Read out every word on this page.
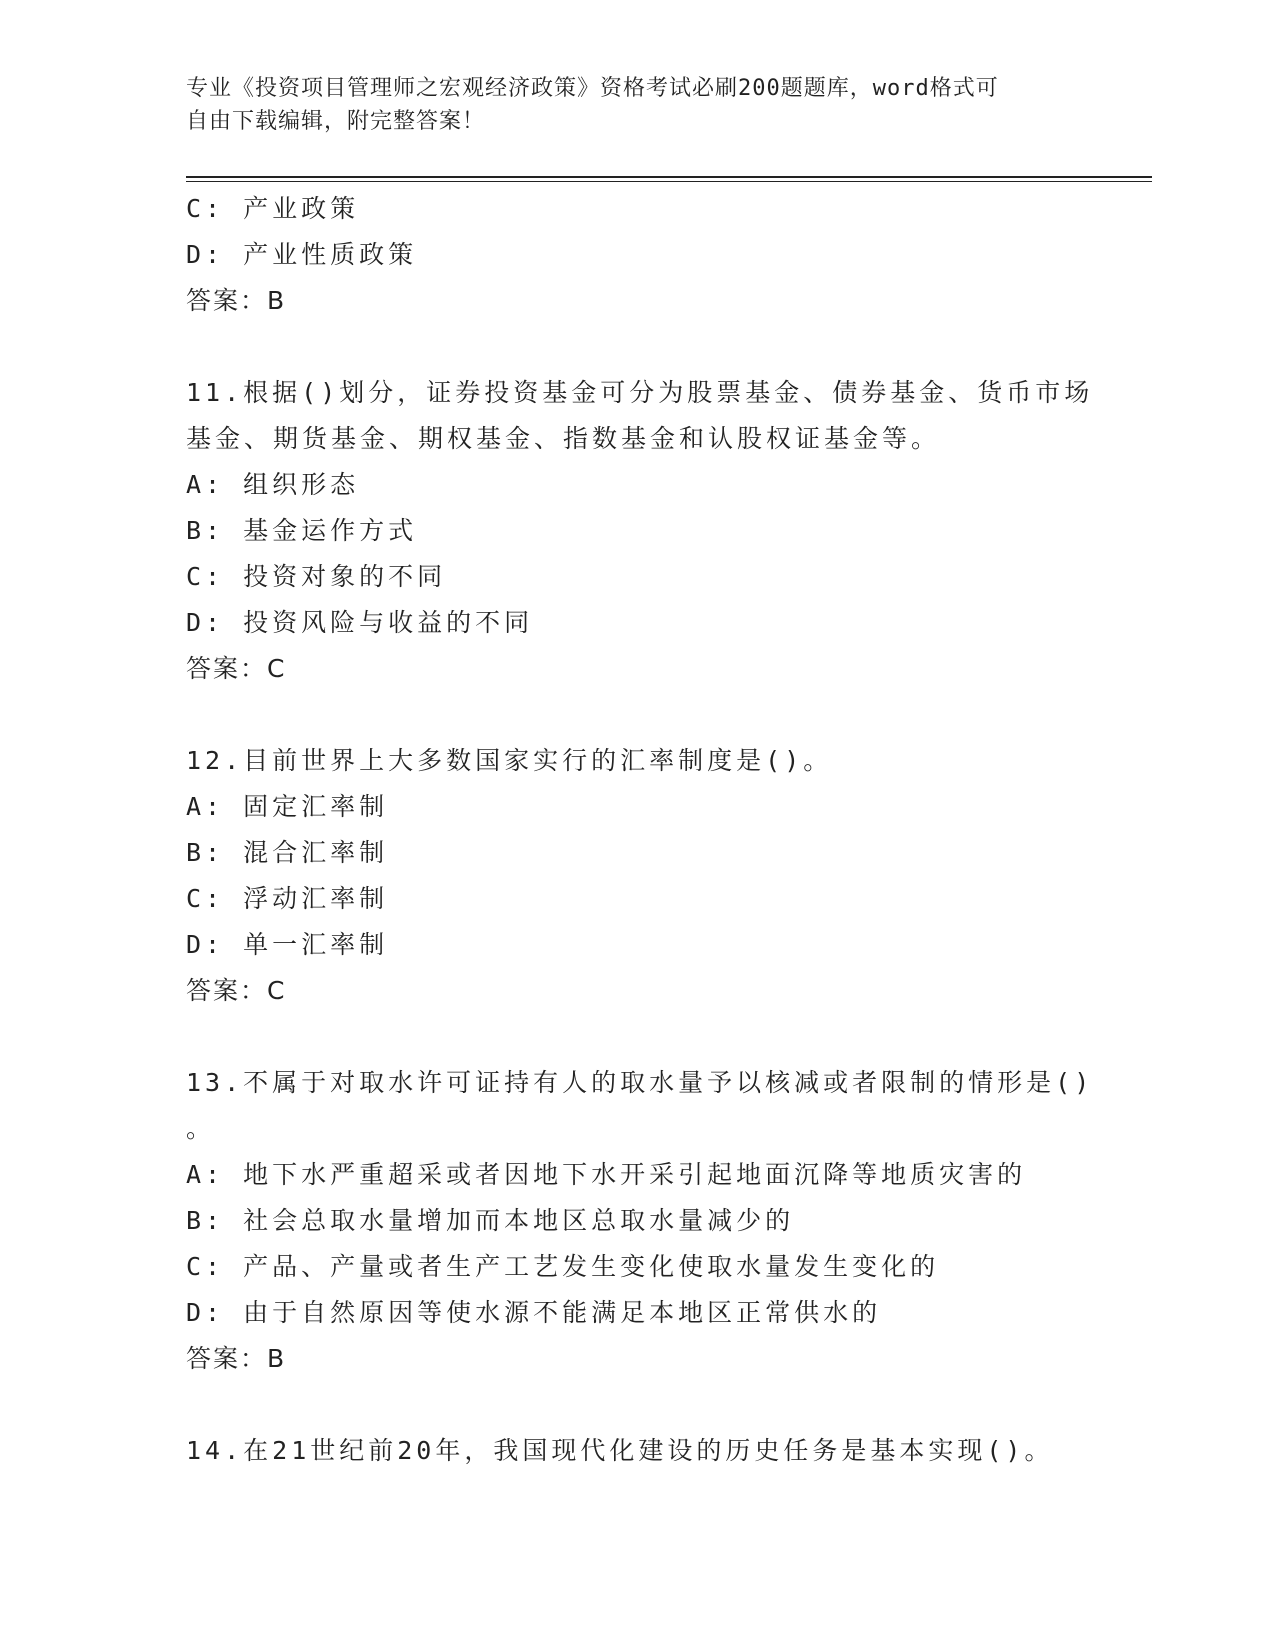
专业《投资项目管理师之宏观经济政策》资格考试必刷200题题库，word格式可
自由下载编辑，附完整答案！
C: 产业政策
D: 产业性质政策
答案：B
11.根据()划分，证券投资基金可分为股票基金、债券基金、货币市场
基金、期货基金、期权基金、指数基金和认股权证基金等。
A: 组织形态
B: 基金运作方式
C: 投资对象的不同
D: 投资风险与收益的不同
答案：C
12.目前世界上大多数国家实行的汇率制度是()。
A: 固定汇率制
B: 混合汇率制
C: 浮动汇率制
D: 单一汇率制
答案：C
13.不属于对取水许可证持有人的取水量予以核减或者限制的情形是()
。
A: 地下水严重超采或者因地下水开采引起地面沉降等地质灾害的
B: 社会总取水量增加而本地区总取水量减少的
C: 产品、产量或者生产工艺发生变化使取水量发生变化的
D: 由于自然原因等使水源不能满足本地区正常供水的
答案：B
14.在21世纪前20年，我国现代化建设的历史任务是基本实现()。
